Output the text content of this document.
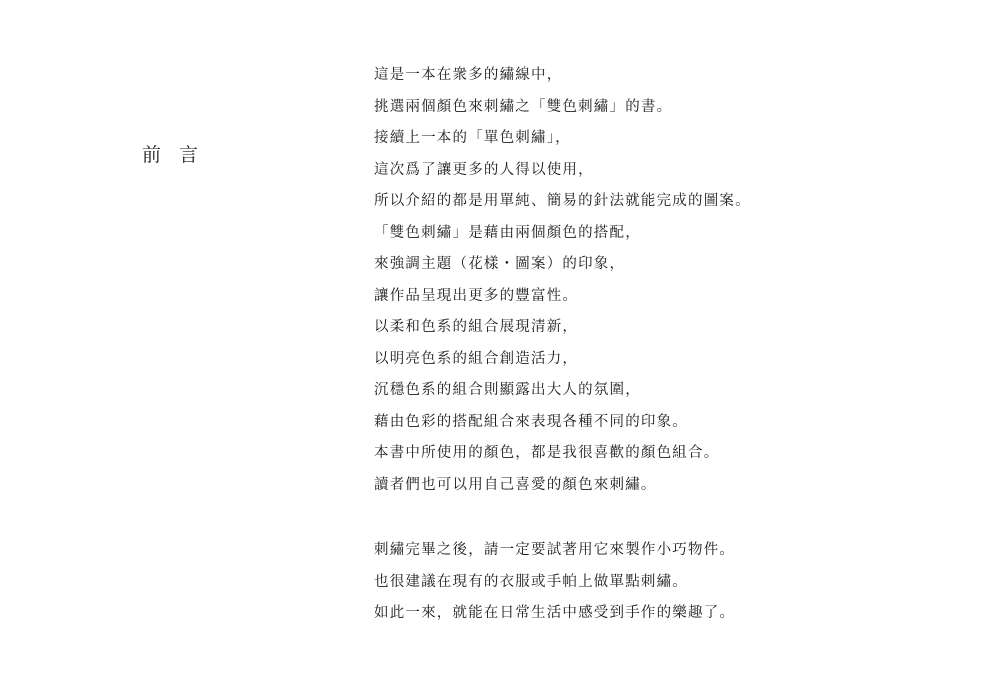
前 言

這是一本在衆多的繡線中，
挑選兩個顏色來刺繡之「雙色刺繡」的書。
接續上一本的「單色刺繡」，
這次爲了讓更多的人得以使用，
所以介紹的都是用單純、簡易的針法就能完成的圖案。
「雙色刺繡」是藉由兩個顏色的搭配，
來強調主題（花樣・圖案）的印象，
讓作品呈現出更多的豐富性。
以柔和色系的組合展現清新，
以明亮色系的組合創造活力，
沉穩色系的組合則顯露出大人的氛圍，
藉由色彩的搭配組合來表現各種不同的印象。
本書中所使用的顏色，都是我很喜歡的顏色組合。
讀者們也可以用自己喜愛的顏色來刺繡。

刺繡完畢之後，請一定要試著用它來製作小巧物件。
也很建議在現有的衣服或手帕上做單點刺繡。
如此一來，就能在日常生活中感受到手作的樂趣了。
